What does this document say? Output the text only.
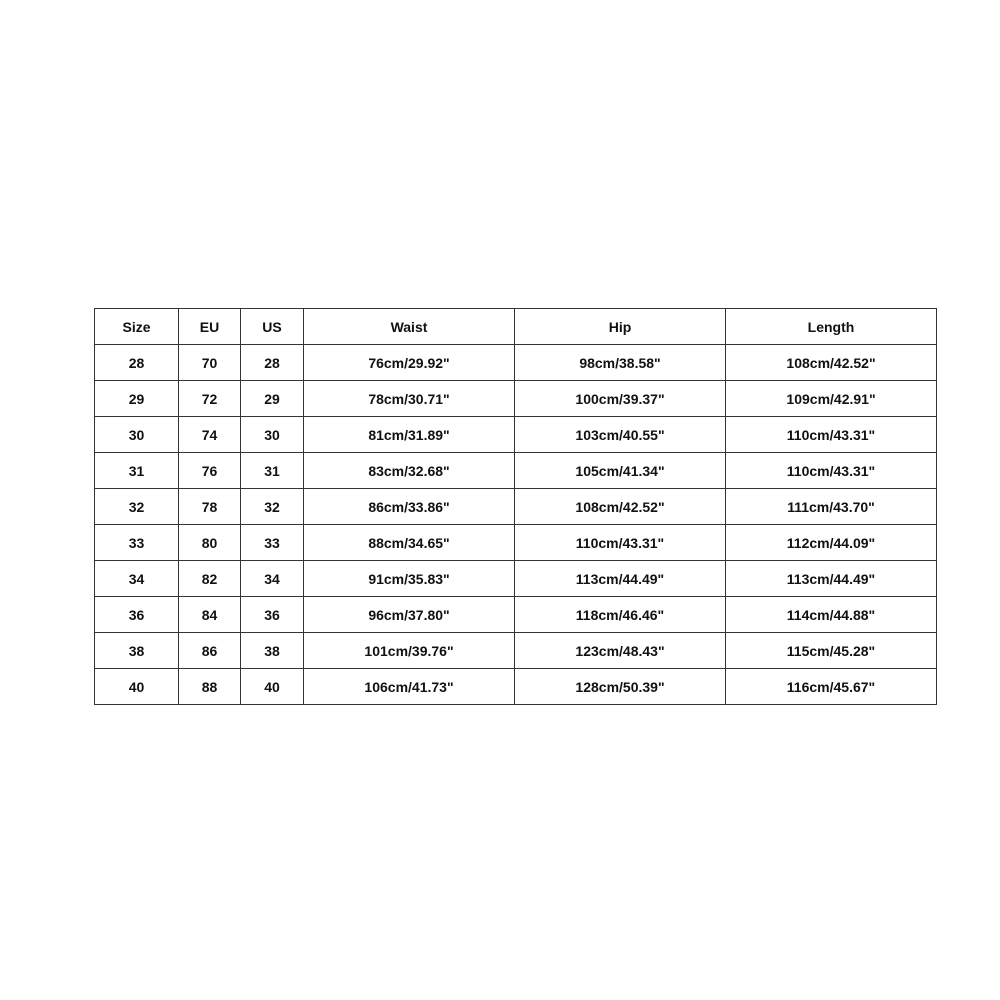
Size	EU	US	Waist	Hip	Length
28	70	28	76cm/29.92"	98cm/38.58"	108cm/42.52"
29	72	29	78cm/30.71"	100cm/39.37"	109cm/42.91"
30	74	30	81cm/31.89"	103cm/40.55"	110cm/43.31"
31	76	31	83cm/32.68"	105cm/41.34"	110cm/43.31"
32	78	32	86cm/33.86"	108cm/42.52"	111cm/43.70"
33	80	33	88cm/34.65"	110cm/43.31"	112cm/44.09"
34	82	34	91cm/35.83"	113cm/44.49"	113cm/44.49"
36	84	36	96cm/37.80"	118cm/46.46"	114cm/44.88"
38	86	38	101cm/39.76"	123cm/48.43"	115cm/45.28"
40	88	40	106cm/41.73"	128cm/50.39"	116cm/45.67"
